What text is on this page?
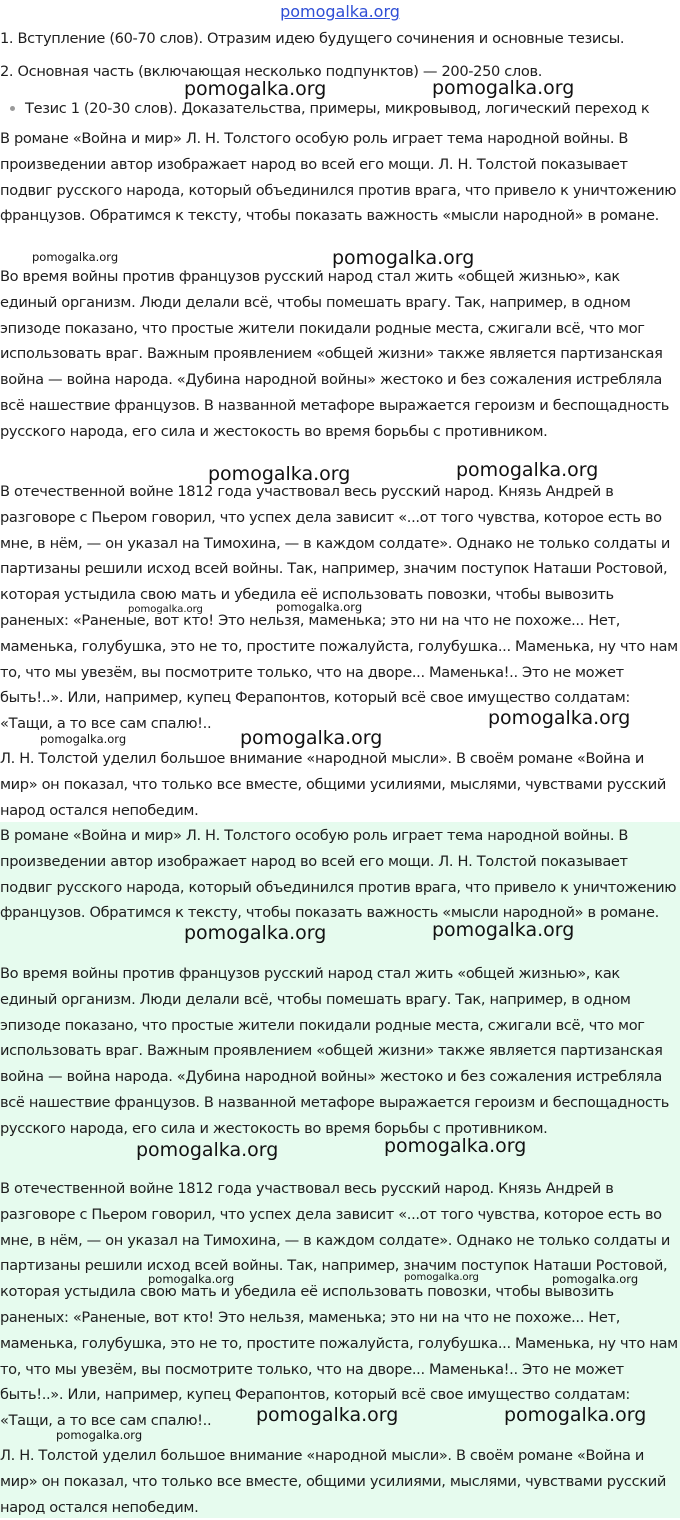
pomogalka.org
1. Вступление (60-70 слов). Отразим идею будущего сочинения и основные тезисы.
2. Основная часть (включающая несколько подпунктов) — 200-250 слов.
Тезис 1 (20-30 слов). Доказательства, примеры, микровывод, логический переход к

В романе «Война и мир» Л. Н. Толстого особую роль играет тема народной войны. В произведении автор изображает народ во всей его мощи. Л. Н. Толстой показывает подвиг русского народа, который объединился против врага, что привело к уничтожению французов. Обратимся к тексту, чтобы показать важность «мысли народной» в романе.

Во время войны против французов русский народ стал жить «общей жизнью», как единый организм. Люди делали всё, чтобы помешать врагу. Так, например, в одном эпизоде показано, что простые жители покидали родные места, сжигали всё, что мог использовать враг. Важным проявлением «общей жизни» также является партизанская война — война народа. «Дубина народной войны» жестоко и без сожаления истребляла всё нашествие французов. В названной метафоре выражается героизм и беспощадность русского народа, его сила и жестокость во время борьбы с противником.

В отечественной войне 1812 года участвовал весь русский народ. Князь Андрей в разговоре с Пьером говорил, что успех дела зависит «...от того чувства, которое есть во мне, в нём, — он указал на Тимохина, — в каждом солдате». Однако не только солдаты и партизаны решили исход всей войны. Так, например, значим поступок Наташи Ростовой, которая устыдила свою мать и убедила её использовать повозки, чтобы вывозить раненых: «Раненые, вот кто! Это нельзя, маменька; это ни на что не похоже... Нет, маменька, голубушка, это не то, простите пожалуйста, голубушка... Маменька, ну что нам то, что мы увезём, вы посмотрите только, что на дворе... Маменька!.. Это не может быть!..». Или, например, купец Ферапонтов, который всё свое имущество солдатам: «Тащи, а то все сам спалю!..

Л. Н. Толстой уделил большое внимание «народной мысли». В своём романе «Война и мир» он показал, что только все вместе, общими усилиями, мыслями, чувствами русский народ остался непобедим.

В романе «Война и мир» Л. Н. Толстого особую роль играет тема народной войны. В произведении автор изображает народ во всей его мощи. Л. Н. Толстой показывает подвиг русского народа, который объединился против врага, что привело к уничтожению французов. Обратимся к тексту, чтобы показать важность «мысли народной» в романе.

Во время войны против французов русский народ стал жить «общей жизнью», как единый организм. Люди делали всё, чтобы помешать врагу. Так, например, в одном эпизоде показано, что простые жители покидали родные места, сжигали всё, что мог использовать враг. Важным проявлением «общей жизни» также является партизанская война — война народа. «Дубина народной войны» жестоко и без сожаления истребляла всё нашествие французов. В названной метафоре выражается героизм и беспощадность русского народа, его сила и жестокость во время борьбы с противником.

В отечественной войне 1812 года участвовал весь русский народ. Князь Андрей в разговоре с Пьером говорил, что успех дела зависит «...от того чувства, которое есть во мне, в нём, — он указал на Тимохина, — в каждом солдате». Однако не только солдаты и партизаны решили исход всей войны. Так, например, значим поступок Наташи Ростовой, которая устыдила свою мать и убедила её использовать повозки, чтобы вывозить раненых: «Раненые, вот кто! Это нельзя, маменька; это ни на что не похоже... Нет, маменька, голубушка, это не то, простите пожалуйста, голубушка... Маменька, ну что нам то, что мы увезём, вы посмотрите только, что на дворе... Маменька!.. Это не может быть!..». Или, например, купец Ферапонтов, который всё свое имущество солдатам: «Тащи, а то все сам спалю!..

Л. Н. Толстой уделил большое внимание «народной мысли». В своём романе «Война и мир» он показал, что только все вместе, общими усилиями, мыслями, чувствами русский народ остался непобедим.

pomogalka.org	pomogalka.org
pomogalka.org	pomogalka.org
pomogalka.org	pomogalka.org
pomogalka.org	pomogalka.org
pomogalka.org
pomogalka.org	pomogalka.org
pomogalka.org	pomogalka.org
pomogalka.org	pomogalka.org
pomogalka.org	pomogalka.org	pomogalka.org
pomogalka.org	pomogalka.org
pomogalka.org
